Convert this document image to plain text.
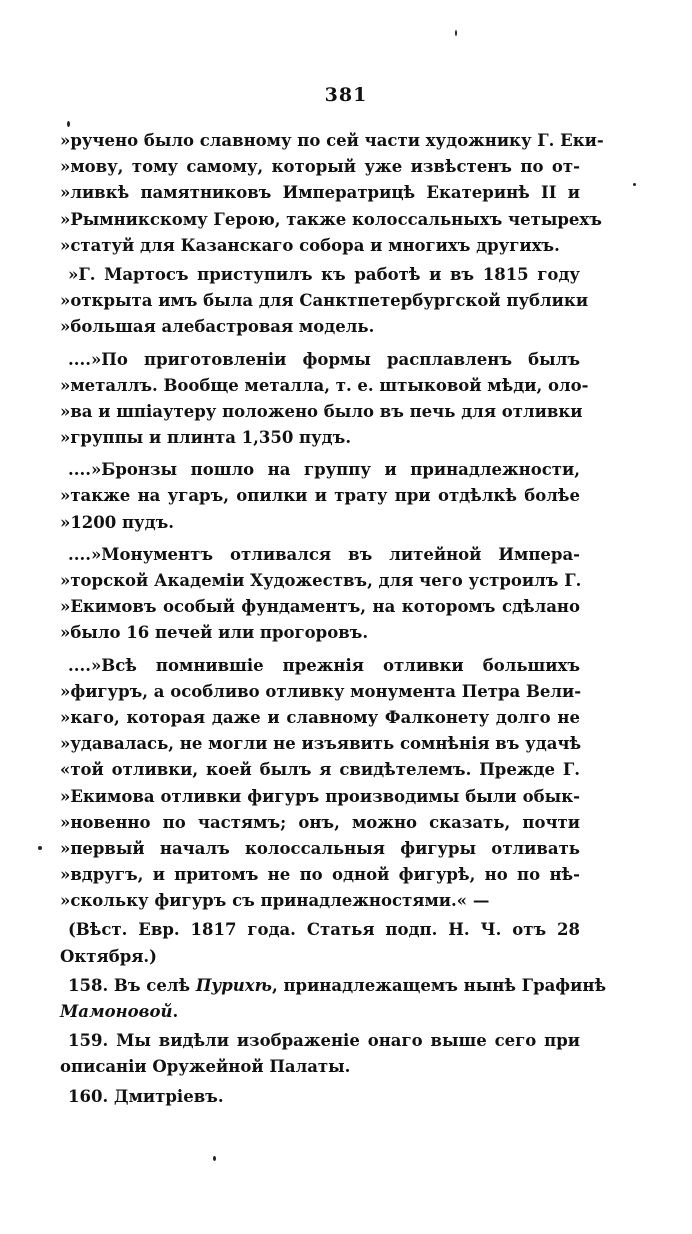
381
»ручено было славному по сей части художнику Г. Еки-
»мову, тому самому, который уже извѣстенъ по от-
»ливкѣ памятниковъ Императрицѣ Екатеринѣ II и
»Рымникскому Герою, также колоссальныхъ четырехъ
»статуй для Казанскаго собора и многихъ другихъ.
»Г. Мартосъ приступилъ къ работѣ и въ 1815 году
»открыта имъ была для Санктпетербургской публики
»большая алебастровая модель.
....»По приготовленіи формы расплавленъ былъ
»металлъ. Вообще металла, т. е. штыковой мѣди, оло-
»ва и шпіаутеру положено было въ печь для отливки
»группы и плинта 1,350 пудъ.
....»Бронзы пошло на группу и принадлежности,
»также на угаръ, опилки и трату при отдѣлкѣ болѣе
»1200 пудъ.
....»Монументъ отливался въ литейной Импера-
»торской Академіи Художествъ, для чего устроилъ Г.
»Екимовъ особый фундаментъ, на которомъ сдѣлано
»было 16 печей или прогоровъ.
....»Всѣ помнившіе прежнія отливки большихъ
»фигуръ, а особливо отливку монумента Петра Вели-
»каго, которая даже и славному Фалконету долго не
»удавалась, не могли не изъявить сомнѣнія въ удачѣ
«той отливки, коей былъ я свидѣтелемъ. Прежде Г.
»Екимова отливки фигуръ производимы были обык-
»новенно по частямъ; онъ, можно сказать, почти
»первый началъ колоссальныя фигуры отливать
»вдругъ, и притомъ не по одной фигурѣ, но по нѣ-
»скольку фигуръ съ принадлежностями.« —
(Вѣст. Евр. 1817 года. Статья подп. Н. Ч. отъ 28
Октября.)
158. Въ селѣ Пурихѣ, принадлежащемъ нынѣ Графинѣ
Мамоновой.
159. Мы видѣли изображеніе онаго выше сего при
описаніи Оружейной Палаты.
160. Дмитріевъ.
